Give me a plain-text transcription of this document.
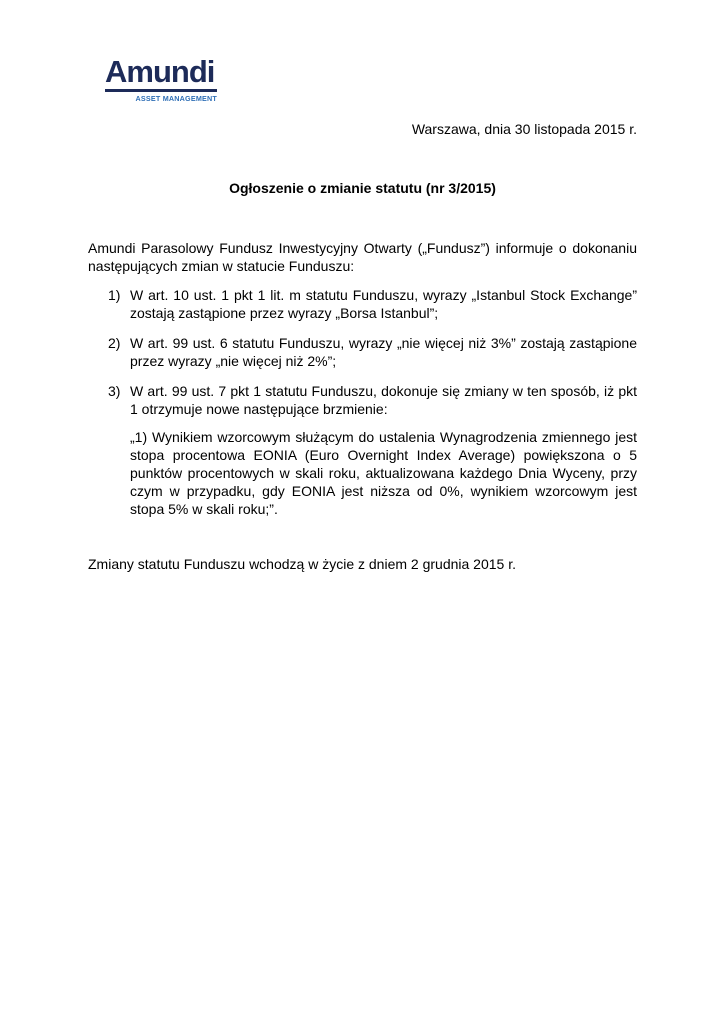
Amundi
ASSET MANAGEMENT
Warszawa, dnia 30 listopada 2015 r.
Ogłoszenie o zmianie statutu (nr 3/2015)
Amundi Parasolowy Fundusz Inwestycyjny Otwarty („Fundusz”) informuje o dokonaniu następujących zmian w statucie Funduszu:
1) W art. 10 ust. 1 pkt 1 lit. m statutu Funduszu, wyrazy „Istanbul Stock Exchange” zostają zastąpione przez wyrazy „Borsa Istanbul”;
2) W art. 99 ust. 6 statutu Funduszu, wyrazy „nie więcej niż 3%” zostają zastąpione przez wyrazy „nie więcej niż 2%”;
3) W art. 99 ust. 7 pkt 1 statutu Funduszu, dokonuje się zmiany w ten sposób, iż pkt 1 otrzymuje nowe następujące brzmienie:
„1) Wynikiem wzorcowym służącym do ustalenia Wynagrodzenia zmiennego jest stopa procentowa EONIA (Euro Overnight Index Average) powiększona o 5 punktów procentowych w skali roku, aktualizowana każdego Dnia Wyceny, przy czym w przypadku, gdy EONIA jest niższa od 0%, wynikiem wzorcowym jest stopa 5% w skali roku;”.
Zmiany statutu Funduszu wchodzą w życie z dniem 2 grudnia 2015 r.
